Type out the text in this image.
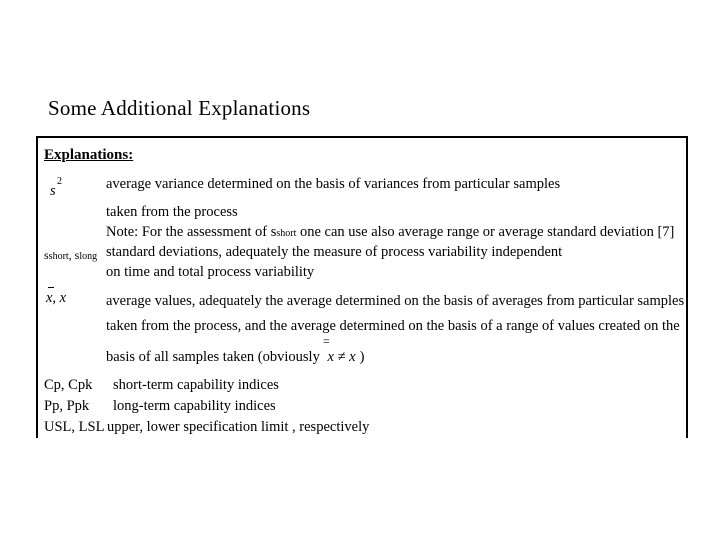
Some Additional Explanations
Explanations:
s
2	average variance determined on the basis of variances from particular samples
taken from the process
Note: For the assessment of sshort one can use also average range or average standard deviation [7]
sshort, slong standard deviations, adequately the measure of process variability independent
on time and total process variability
x, x	average values, adequately the average determined on the basis of averages from particular samples
taken from the process, and the average determined on the basis of a range of values created on the
basis of all samples taken (obviously x ≠ x )
=
Cp, Cpk short-term capability indices
Pp, Ppk long-term capability indices
USL, LSL upper, lower specification limit , respectively
